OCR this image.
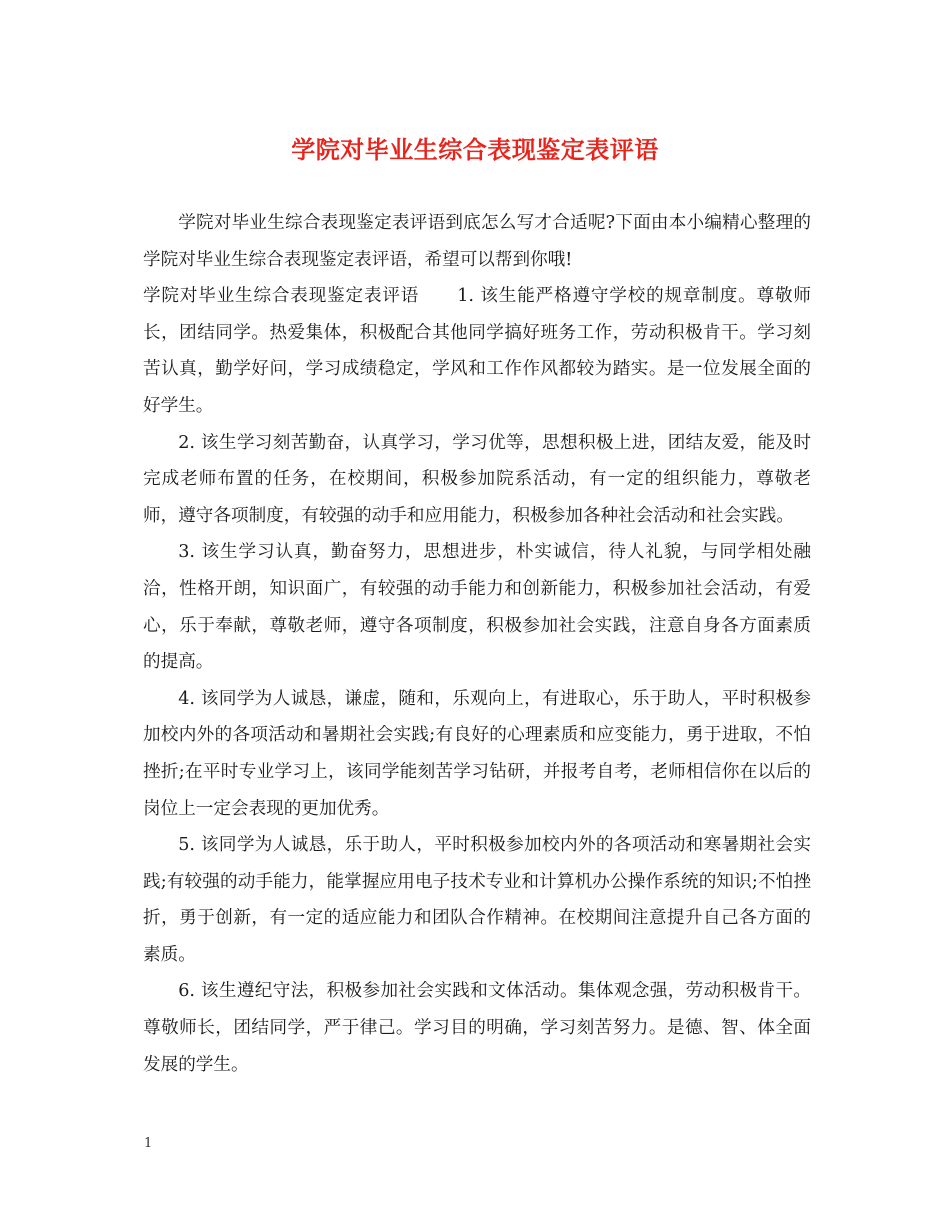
学院对毕业生综合表现鉴定表评语

学院对毕业生综合表现鉴定表评语到底怎么写才合适呢?下面由本小编精心整理的学院对毕业生综合表现鉴定表评语，希望可以帮到你哦!

学院对毕业生综合表现鉴定表评语 1. 该生能严格遵守学校的规章制度。尊敬师长，团结同学。热爱集体，积极配合其他同学搞好班务工作，劳动积极肯干。学习刻苦认真，勤学好问，学习成绩稳定，学风和工作作风都较为踏实。是一位发展全面的好学生。

2. 该生学习刻苦勤奋，认真学习，学习优等，思想积极上进，团结友爱，能及时完成老师布置的任务，在校期间，积极参加院系活动，有一定的组织能力，尊敬老师，遵守各项制度，有较强的动手和应用能力，积极参加各种社会活动和社会实践。

3. 该生学习认真，勤奋努力，思想进步，朴实诚信，待人礼貌，与同学相处融洽，性格开朗，知识面广，有较强的动手能力和创新能力，积极参加社会活动，有爱心，乐于奉献，尊敬老师，遵守各项制度，积极参加社会实践，注意自身各方面素质的提高。

4. 该同学为人诚恳，谦虚，随和，乐观向上，有进取心，乐于助人，平时积极参加校内外的各项活动和暑期社会实践;有良好的心理素质和应变能力，勇于进取，不怕挫折;在平时专业学习上，该同学能刻苦学习钻研，并报考自考，老师相信你在以后的岗位上一定会表现的更加优秀。

5. 该同学为人诚恳，乐于助人，平时积极参加校内外的各项活动和寒暑期社会实践;有较强的动手能力，能掌握应用电子技术专业和计算机办公操作系统的知识;不怕挫折，勇于创新，有一定的适应能力和团队合作精神。在校期间注意提升自己各方面的素质。

6. 该生遵纪守法，积极参加社会实践和文体活动。集体观念强，劳动积极肯干。尊敬师长，团结同学，严于律己。学习目的明确，学习刻苦努力。是德、智、体全面发展的学生。

1
